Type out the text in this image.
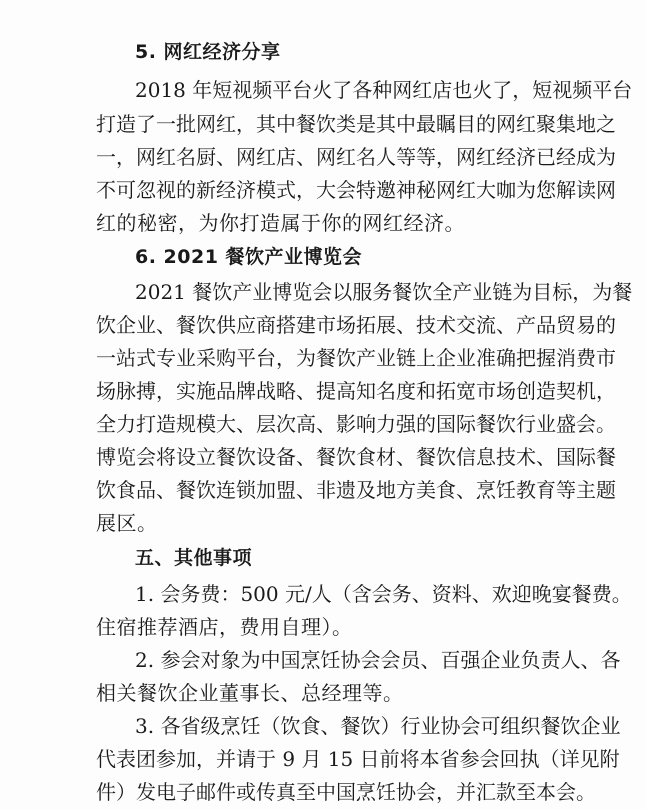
5. 网红经济分享
2018 年短视频平台火了各种网红店也火了，短视频平台
打造了一批网红，其中餐饮类是其中最瞩目的网红聚集地之
一，网红名厨、网红店、网红名人等等，网红经济已经成为
不可忽视的新经济模式，大会特邀神秘网红大咖为您解读网
红的秘密，为你打造属于你的网红经济。
6. 2021 餐饮产业博览会
2021 餐饮产业博览会以服务餐饮全产业链为目标，为餐
饮企业、餐饮供应商搭建市场拓展、技术交流、产品贸易的
一站式专业采购平台，为餐饮产业链上企业准确把握消费市
场脉搏，实施品牌战略、提高知名度和拓宽市场创造契机，
全力打造规模大、层次高、影响力强的国际餐饮行业盛会。
博览会将设立餐饮设备、餐饮食材、餐饮信息技术、国际餐
饮食品、餐饮连锁加盟、非遗及地方美食、烹饪教育等主题
展区。
五、其他事项
1. 会务费：500 元/人（含会务、资料、欢迎晚宴餐费。
住宿推荐酒店，费用自理）。
2. 参会对象为中国烹饪协会会员、百强企业负责人、各
相关餐饮企业董事长、总经理等。
3. 各省级烹饪（饮食、餐饮）行业协会可组织餐饮企业
代表团参加，并请于 9 月 15 日前将本省参会回执（详见附
件）发电子邮件或传真至中国烹饪协会，并汇款至本会。
